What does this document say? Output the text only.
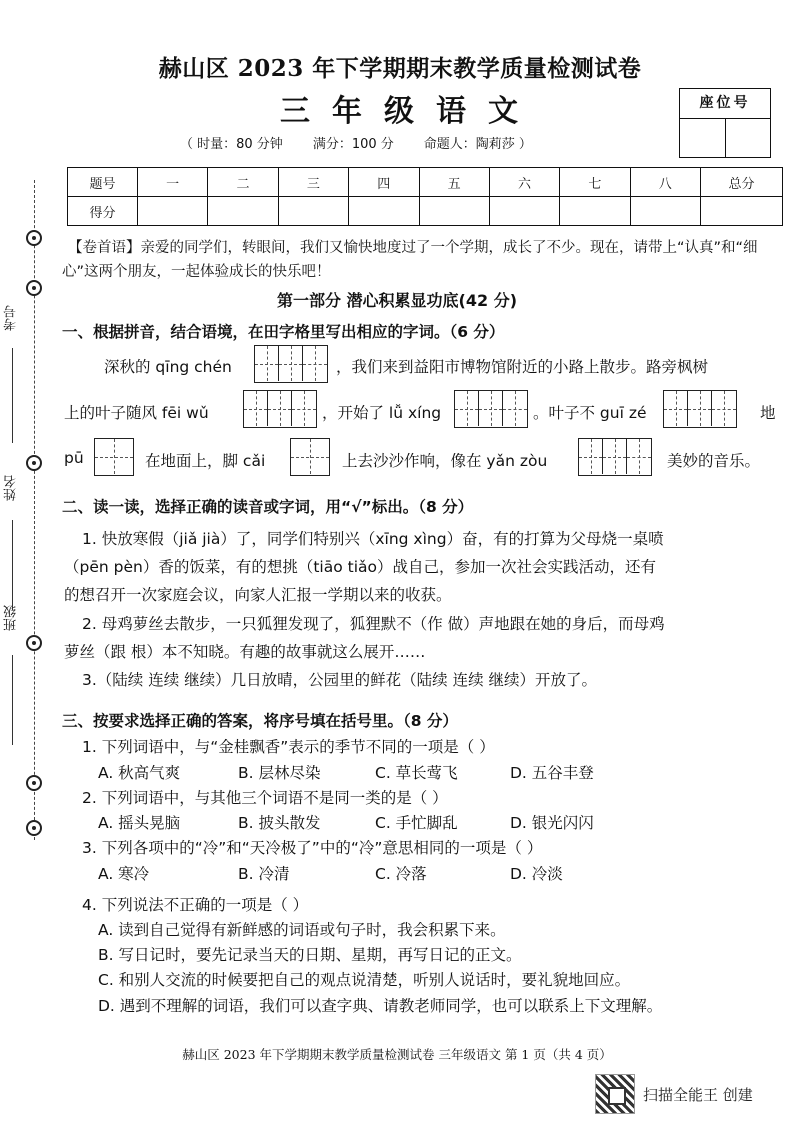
考号
姓名
班级
赫山区 2023 年下学期期末教学质量检测试卷
三年级语文	座位号
（ 时量：80 分钟 满分：100 分 命题人：陶莉莎 ）
题号	一	二	三	四	五	六	七	八	总分
得分									
【卷首语】亲爱的同学们，转眼间，我们又愉快地度过了一个学期，成长了不少。现在，请带上“认真”和“细心”这两个朋友，一起体验成长的快乐吧！
第一部分 潜心积累显功底(42 分)
一、根据拼音，结合语境，在田字格里写出相应的字词。（6 分）
深秋的 qīng chén	，我们来到益阳市博物馆附近的小路上散步。路旁枫树
上的叶子随风 fēi wǔ	，开始了 lǚ xíng	。叶子不 guī zé	地
pū	在地面上，脚 cǎi	上去沙沙作响，像在 yǎn zòu	美妙的音乐。
二、读一读，选择正确的读音或字词，用“√”标出。（8 分）
1. 快放寒假（jiǎ jià）了，同学们特别兴（xīng xìng）奋，有的打算为父母烧一桌喷
（pēn pèn）香的饭菜，有的想挑（tiāo tiǎo）战自己，参加一次社会实践活动，还有
的想召开一次家庭会议，向家人汇报一学期以来的收获。
2. 母鸡萝丝去散步，一只狐狸发现了，狐狸默不（作 做）声地跟在她的身后，而母鸡
萝丝（跟 根）本不知晓。有趣的故事就这么展开……
3.（陆续 连续 继续）几日放晴，公园里的鲜花（陆续 连续 继续）开放了。
三、按要求选择正确的答案，将序号填在括号里。（8 分）
1. 下列词语中，与“金桂飘香”表示的季节不同的一项是（ ）
A. 秋高气爽	B. 层林尽染	C. 草长莺飞	D. 五谷丰登
2. 下列词语中，与其他三个词语不是同一类的是（ ）
A. 摇头晃脑	B. 披头散发	C. 手忙脚乱	D. 银光闪闪
3. 下列各项中的“冷”和“天冷极了”中的“冷”意思相同的一项是（ ）
A. 寒冷	B. 冷清	C. 冷落	D. 冷淡
4. 下列说法不正确的一项是（ ）
A. 读到自己觉得有新鲜感的词语或句子时，我会积累下来。
B. 写日记时，要先记录当天的日期、星期，再写日记的正文。
C. 和别人交流的时候要把自己的观点说清楚，听别人说话时，要礼貌地回应。
D. 遇到不理解的词语，我们可以查字典、请教老师同学，也可以联系上下文理解。
赫山区 2023 年下学期期末教学质量检测试卷 三年级语文 第 1 页（共 4 页）
扫描全能王 创建
